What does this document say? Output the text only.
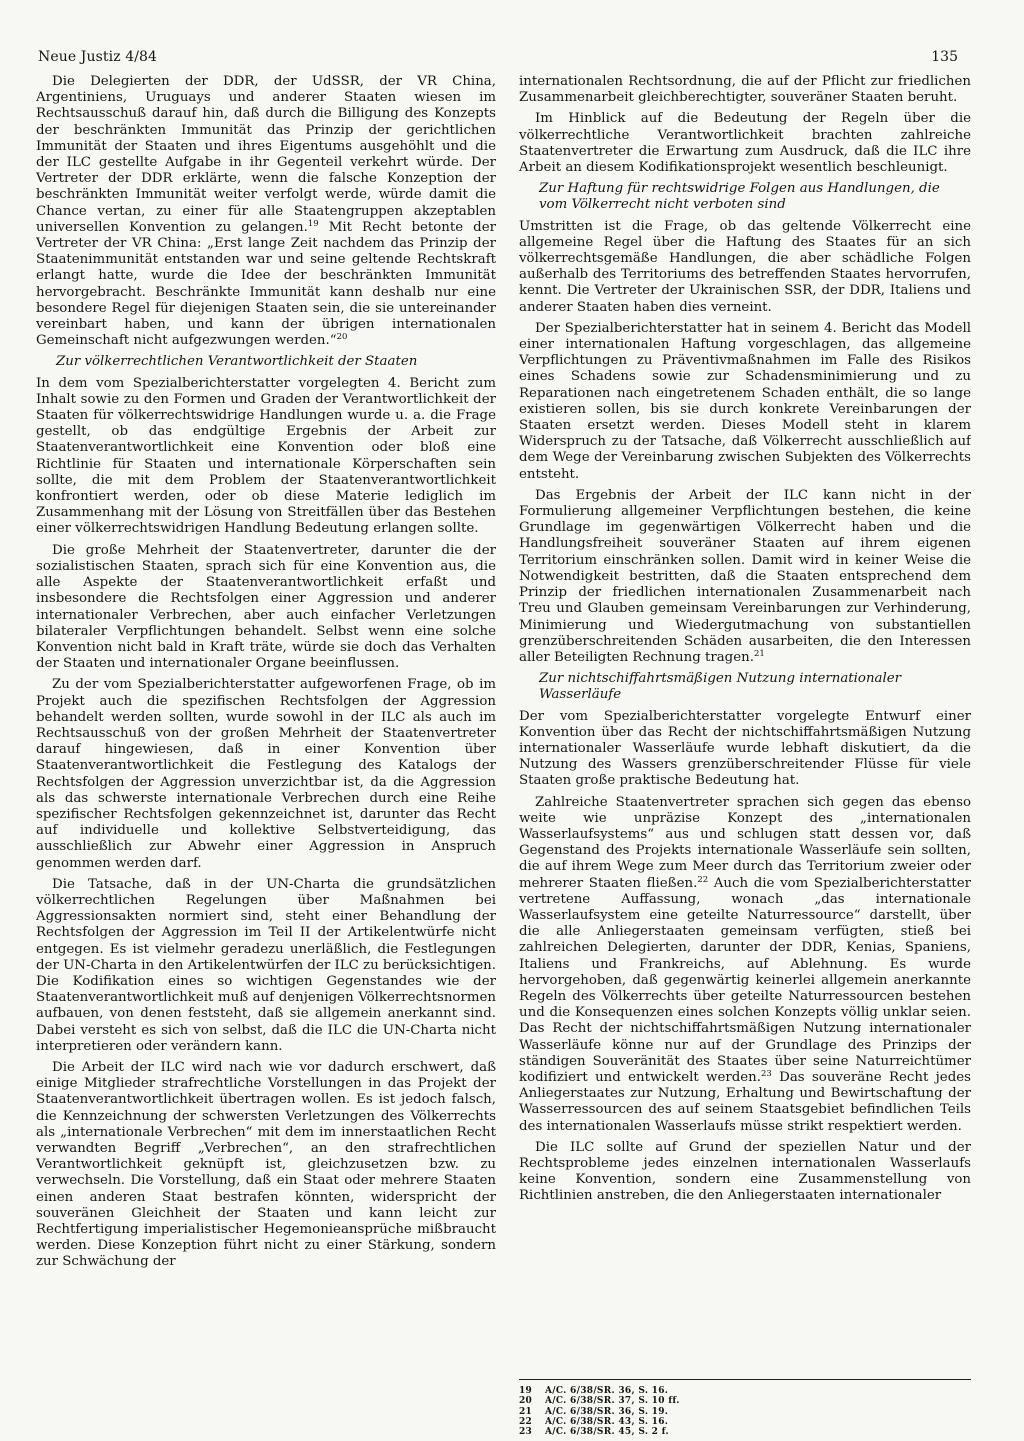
Neue Justiz 4/84	135

Die Delegierten der DDR, der UdSSR, der VR China, Argentiniens, Uruguays und anderer Staaten wiesen im Rechtsausschuß darauf hin, daß durch die Billigung des Konzepts der beschränkten Immunität das Prinzip der gerichtlichen Immunität der Staaten und ihres Eigentums ausgehöhlt und die der ILC gestellte Aufgabe in ihr Gegenteil verkehrt würde. Der Vertreter der DDR erklärte, wenn die falsche Konzeption der beschränkten Immunität weiter verfolgt werde, würde damit die Chance vertan, zu einer für alle Staatengruppen akzeptablen universellen Konvention zu gelangen.$^{19}$ Mit Recht betonte der Vertreter der VR China: „Erst lange Zeit nachdem das Prinzip der Staatenimmunität entstanden war und seine geltende Rechtskraft erlangt hatte, wurde die Idee der beschränkten Immunität hervorgebracht. Beschränkte Immunität kann deshalb nur eine besondere Regel für diejenigen Staaten sein, die sie untereinander vereinbart haben, und kann der übrigen internationalen Gemeinschaft nicht aufgezwungen werden.“$^{20}$

Zur völkerrechtlichen Verantwortlichkeit der Staaten

In dem vom Spezialberichterstatter vorgelegten 4. Bericht zum Inhalt sowie zu den Formen und Graden der Verantwortlichkeit der Staaten für völkerrechtswidrige Handlungen wurde u. a. die Frage gestellt, ob das endgültige Ergebnis der Arbeit zur Staatenverantwortlichkeit eine Konvention oder bloß eine Richtlinie für Staaten und internationale Körperschaften sein sollte, die mit dem Problem der Staatenverantwortlichkeit konfrontiert werden, oder ob diese Materie lediglich im Zusammenhang mit der Lösung von Streitfällen über das Bestehen einer völkerrechtswidrigen Handlung Bedeutung erlangen sollte.

Die große Mehrheit der Staatenvertreter, darunter die der sozialistischen Staaten, sprach sich für eine Konvention aus, die alle Aspekte der Staatenverantwortlichkeit erfaßt und insbesondere die Rechtsfolgen einer Aggression und anderer internationaler Verbrechen, aber auch einfacher Verletzungen bilateraler Verpflichtungen behandelt. Selbst wenn eine solche Konvention nicht bald in Kraft träte, würde sie doch das Verhalten der Staaten und internationaler Organe beeinflussen.

Zu der vom Spezialberichterstatter aufgeworfenen Frage, ob im Projekt auch die spezifischen Rechtsfolgen der Aggression behandelt werden sollten, wurde sowohl in der ILC als auch im Rechtsausschuß von der großen Mehrheit der Staatenvertreter darauf hingewiesen, daß in einer Konvention über Staatenverantwortlichkeit die Festlegung des Katalogs der Rechtsfolgen der Aggression unverzichtbar ist, da die Aggression als das schwerste internationale Verbrechen durch eine Reihe spezifischer Rechtsfolgen gekennzeichnet ist, darunter das Recht auf individuelle und kollektive Selbstverteidigung, das ausschließlich zur Abwehr einer Aggression in Anspruch genommen werden darf.

Die Tatsache, daß in der UN-Charta die grundsätzlichen völkerrechtlichen Regelungen über Maßnahmen bei Aggressionsakten normiert sind, steht einer Behandlung der Rechtsfolgen der Aggression im Teil II der Artikelentwürfe nicht entgegen. Es ist vielmehr geradezu unerläßlich, die Festlegungen der UN-Charta in den Artikelentwürfen der ILC zu berücksichtigen. Die Kodifikation eines so wichtigen Gegenstandes wie der Staatenverantwortlichkeit muß auf denjenigen Völkerrechtsnormen aufbauen, von denen feststeht, daß sie allgemein anerkannt sind. Dabei versteht es sich von selbst, daß die ILC die UN-Charta nicht interpretieren oder verändern kann.

Die Arbeit der ILC wird nach wie vor dadurch erschwert, daß einige Mitglieder strafrechtliche Vorstellungen in das Projekt der Staatenverantwortlichkeit übertragen wollen. Es ist jedoch falsch, die Kennzeichnung der schwersten Verletzungen des Völkerrechts als „internationale Verbrechen“ mit dem im innerstaatlichen Recht verwandten Begriff „Verbrechen“, an den strafrechtlichen Verantwortlichkeit geknüpft ist, gleichzusetzen bzw. zu verwechseln. Die Vorstellung, daß ein Staat oder mehrere Staaten einen anderen Staat bestrafen könnten, widerspricht der souveränen Gleichheit der Staaten und kann leicht zur Rechtfertigung imperialistischer Hegemonieansprüche mißbraucht werden. Diese Konzeption führt nicht zu einer Stärkung, sondern zur Schwächung der

internationalen Rechtsordnung, die auf der Pflicht zur friedlichen Zusammenarbeit gleichberechtigter, souveräner Staaten beruht.

Im Hinblick auf die Bedeutung der Regeln über die völkerrechtliche Verantwortlichkeit brachten zahlreiche Staatenvertreter die Erwartung zum Ausdruck, daß die ILC ihre Arbeit an diesem Kodifikationsprojekt wesentlich beschleunigt.

Zur Haftung für rechtswidrige Folgen aus Handlungen, die vom Völkerrecht nicht verboten sind

Umstritten ist die Frage, ob das geltende Völkerrecht eine allgemeine Regel über die Haftung des Staates für an sich völkerrechtsgemäße Handlungen, die aber schädliche Folgen außerhalb des Territoriums des betreffenden Staates hervorrufen, kennt. Die Vertreter der Ukrainischen SSR, der DDR, Italiens und anderer Staaten haben dies verneint.

Der Spezialberichterstatter hat in seinem 4. Bericht das Modell einer internationalen Haftung vorgeschlagen, das allgemeine Verpflichtungen zu Präventivmaßnahmen im Falle des Risikos eines Schadens sowie zur Schadensminimierung und zu Reparationen nach eingetretenem Schaden enthält, die so lange existieren sollen, bis sie durch konkrete Vereinbarungen der Staaten ersetzt werden. Dieses Modell steht in klarem Widerspruch zu der Tatsache, daß Völkerrecht ausschließlich auf dem Wege der Vereinbarung zwischen Subjekten des Völkerrechts entsteht.

Das Ergebnis der Arbeit der ILC kann nicht in der Formulierung allgemeiner Verpflichtungen bestehen, die keine Grundlage im gegenwärtigen Völkerrecht haben und die Handlungsfreiheit souveräner Staaten auf ihrem eigenen Territorium einschränken sollen. Damit wird in keiner Weise die Notwendigkeit bestritten, daß die Staaten entsprechend dem Prinzip der friedlichen internationalen Zusammenarbeit nach Treu und Glauben gemeinsam Vereinbarungen zur Verhinderung, Minimierung und Wiedergutmachung von substantiellen grenzüberschreitenden Schäden ausarbeiten, die den Interessen aller Beteiligten Rechnung tragen.$^{21}$

Zur nichtschiffahrtsmäßigen Nutzung internationaler Wasserläufe

Der vom Spezialberichterstatter vorgelegte Entwurf einer Konvention über das Recht der nichtschiffahrtsmäßigen Nutzung internationaler Wasserläufe wurde lebhaft diskutiert, da die Nutzung des Wassers grenzüberschreitender Flüsse für viele Staaten große praktische Bedeutung hat.

Zahlreiche Staatenvertreter sprachen sich gegen das ebenso weite wie unpräzise Konzept des „internationalen Wasserlaufsystems“ aus und schlugen statt dessen vor, daß Gegenstand des Projekts internationale Wasserläufe sein sollten, die auf ihrem Wege zum Meer durch das Territorium zweier oder mehrerer Staaten fließen.$^{22}$ Auch die vom Spezialberichterstatter vertretene Auffassung, wonach „das internationale Wasserlaufsystem eine geteilte Naturressource“ darstellt, über die alle Anliegerstaaten gemeinsam verfügten, stieß bei zahlreichen Delegierten, darunter der DDR, Kenias, Spaniens, Italiens und Frankreichs, auf Ablehnung. Es wurde hervorgehoben, daß gegenwärtig keinerlei allgemein anerkannte Regeln des Völkerrechts über geteilte Naturressourcen bestehen und die Konsequenzen eines solchen Konzepts völlig unklar seien. Das Recht der nichtschiffahrtsmäßigen Nutzung internationaler Wasserläufe könne nur auf der Grundlage des Prinzips der ständigen Souveränität des Staates über seine Naturreichtümer kodifiziert und entwickelt werden.$^{23}$ Das souveräne Recht jedes Anliegerstaates zur Nutzung, Erhaltung und Bewirtschaftung der Wasserressourcen des auf seinem Staatsgebiet befindlichen Teils des internationalen Wasserlaufs müsse strikt respektiert werden.

Die ILC sollte auf Grund der speziellen Natur und der Rechtsprobleme jedes einzelnen internationalen Wasserlaufs keine Konvention, sondern eine Zusammenstellung von Richtlinien anstreben, die den Anliegerstaaten internationaler

19	A/C. 6/38/SR. 36, S. 16.
20	A/C. 6/38/SR. 37, S. 10 ff.
21	A/C. 6/38/SR. 36, S. 19.
22	A/C. 6/38/SR. 43, S. 16.
23	A/C. 6/38/SR. 45, S. 2 f.
